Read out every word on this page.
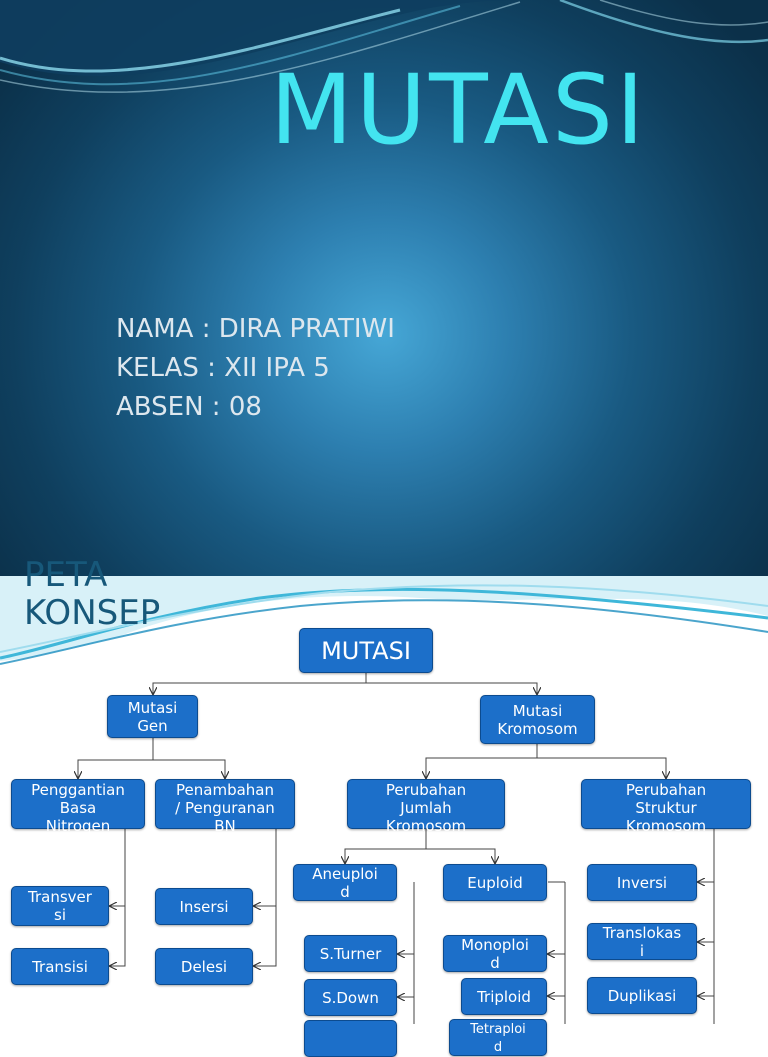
MUTASI
NAMA : DIRA PRATIWI
KELAS : XII IPA 5
ABSEN : 08
PETA
KONSEP
MUTASI
Mutasi
Gen
Mutasi
Kromosom
Penggantian
Basa
Nitrogen
Penambahan
/ Penguranan
BN
Perubahan
Jumlah
Kromosom
Perubahan
Struktur
Kromosom
Aneuploi
d	Euploid	Inversi
Transver
si	Insersi
Translokas
i
S.Turner	Monoploi
d
Transisi	Delesi
S.Down	Triploid	Duplikasi
Tetraploi
d
